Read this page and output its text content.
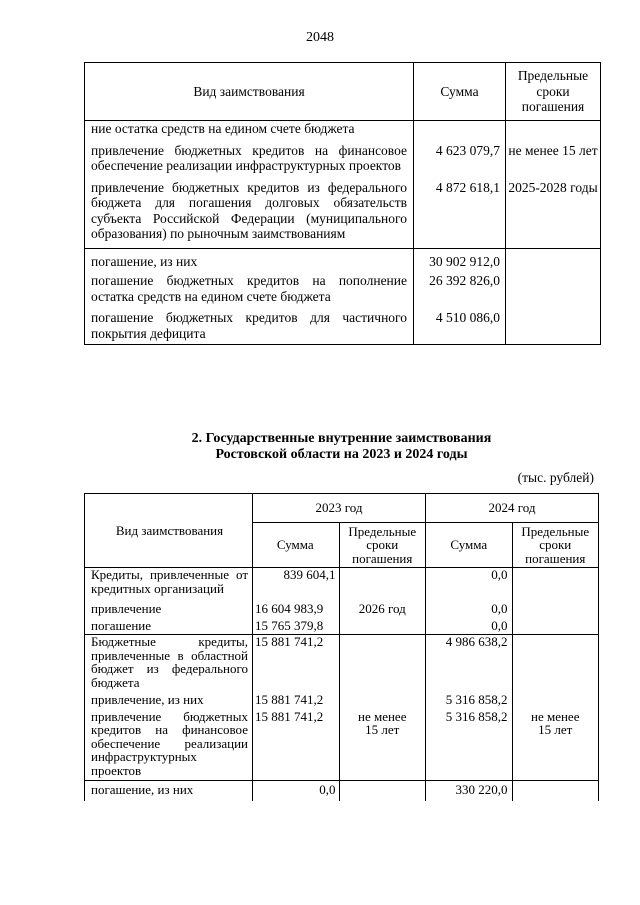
2048
Вид заимствования	Сумма	Предельные сроки погашения
ние остатка средств на едином счете бюджета		
привлечение бюджетных кредитов на финансовое обеспечение реализации инфраструктурных проектов	4 623 079,7	не менее 15 лет
привлечение бюджетных кредитов из федерального бюджета для погашения долговых обязательств субъекта Российской Федерации (муниципального образования) по рыночным заимствованиям	4 872 618,1	2025-2028 годы
погашение, из них	30 902 912,0	
погашение бюджетных кредитов на пополнение остатка средств на едином счете бюджета	26 392 826,0	
погашение бюджетных кредитов для частичного покрытия дефицита	4 510 086,0	
2. Государственные внутренние заимствования
Ростовской области на 2023 и 2024 годы
(тыс. рублей)
Вид заимствования	2023 год		2024 год	
	Сумма	Предельные сроки погашения	Сумма	Предельные сроки погашения
Кредиты, привлеченные от кредитных организаций	839 604,1		0,0	
привлечение	16 604 983,9	2026 год	0,0	
погашение	15 765 379,8		0,0	
Бюджетные кредиты, привлеченные в областной бюджет из федерального бюджета	15 881 741,2		4 986 638,2	
привлечение, из них	15 881 741,2		5 316 858,2	
привлечение бюджетных кредитов на финансовое обеспечение реализации инфраструктурных проектов	15 881 741,2	не менее 15 лет	5 316 858,2	не менее 15 лет
погашение, из них	0,0		330 220,0	
